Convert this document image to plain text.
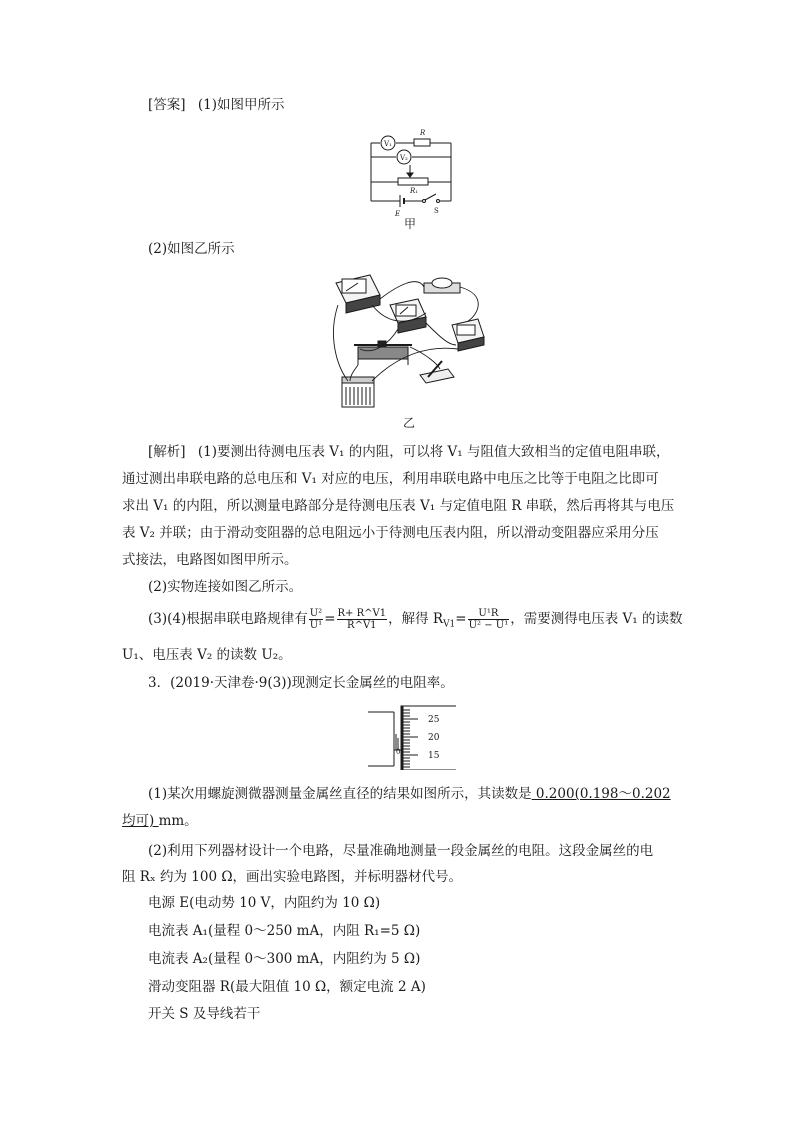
[答案] (1)如图甲所示
V₁
V₂
R
R₁
E	S
甲
(2)如图乙所示
乙
[解析] (1)要测出待测电压表 V₁ 的内阻，可以将 V₁ 与阻值大致相当的定值电阻串联，
通过测出串联电路的总电压和 V₁ 对应的电压，利用串联电路中电压之比等于电阻之比即可
求出 V₁ 的内阻，所以测量电路部分是待测电压表 V₁ 与定值电阻 R 串联，然后再将其与电压
表 V₂ 并联；由于滑动变阻器的总电阻远小于待测电压表内阻，所以滑动变阻器应采用分压
式接法，电路图如图甲所示。
(2)实物连接如图乙所示。
(3)(4)根据串联电路规律有 $\frac{\text{U²}}{\text{U¹}} = \frac{R+ R\^{}V1}{R\^{}V1}$ ，解得 $R_{V1}= \frac{\text{U¹R}}{\text{U² − U¹}}$ ，需要测得电压表 V₁ 的读数
U₁、电压表 V₂ 的读数 U₂。
3．(2019·天津卷·9(3))现测定长金属丝的电阻率。
25
20
15
0
(1)某次用螺旋测微器测量金属丝直径的结果如图所示，其读数是 0.200(0.198～0.202
均可) mm。
(2)利用下列器材设计一个电路，尽量准确地测量一段金属丝的电阻。这段金属丝的电
阻 Rₓ 约为 100 Ω，画出实验电路图，并标明器材代号。
电源 E(电动势 10 V，内阻约为 10 Ω)
电流表 A₁(量程 0～250 mA，内阻 R₁=5 Ω)
电流表 A₂(量程 0～300 mA，内阻约为 5 Ω)
滑动变阻器 R(最大阻值 10 Ω，额定电流 2 A)
开关 S 及导线若干
